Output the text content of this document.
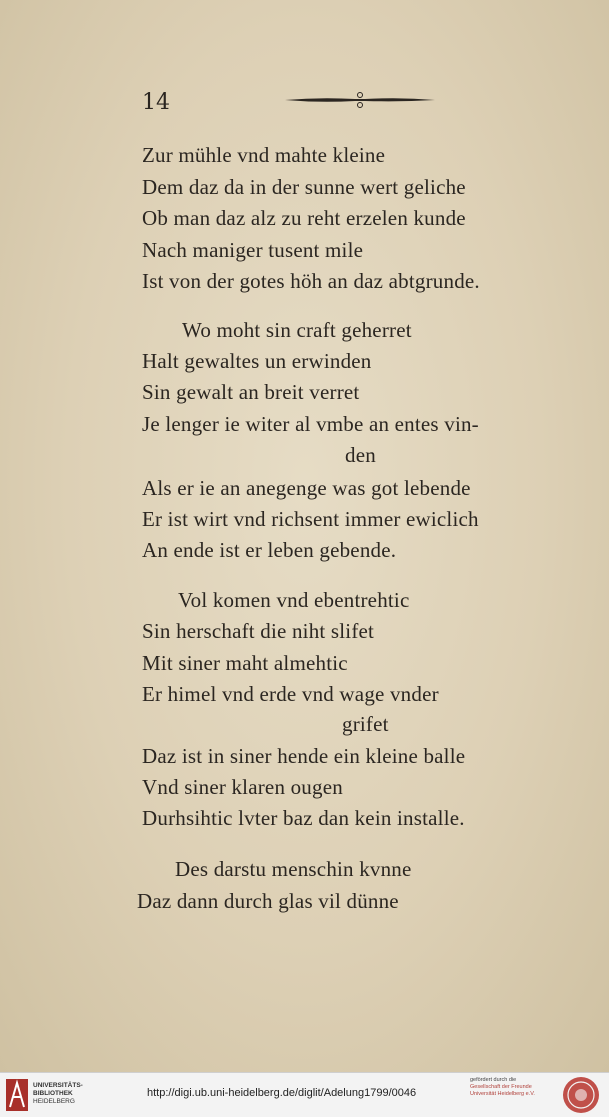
14
Zur mühle vnd mahte kleine
Dem daz da in der sunne wert geliche
Ob man daz alz zu reht erzelen kunde
Nach maniger tusent mile
Ist von der gotes höh an daz abtgrunde.
Wo moht sin craft geherret
Halt gewaltes un erwinden
Sin gewalt an breit verret
Je lenger ie witer al vmbe an entes vin-
den
Als er ie an anegenge was got lebende
Er ist wirt vnd richsent immer ewiclich
An ende ist er leben gebende.
Vol komen vnd ebentrehtic
Sin herschaft die niht slifet
Mit siner maht almehtic
Er himel vnd erde vnd wage vnder
grifet
Daz ist in siner hende ein kleine balle
Vnd siner klaren ougen
Durhsihtic lvter baz dan kein installe.
Des darstu menschin kvnne
Daz dann durch glas vil dünne
UNIVERSITÄTS-
BIBLIOTHEK
HEIDELBERG
http://digi.ub.uni-heidelberg.de/diglit/Adelung1799/0046
gefördert durch die
Gesellschaft der Freunde
Universität Heidelberg e.V.
